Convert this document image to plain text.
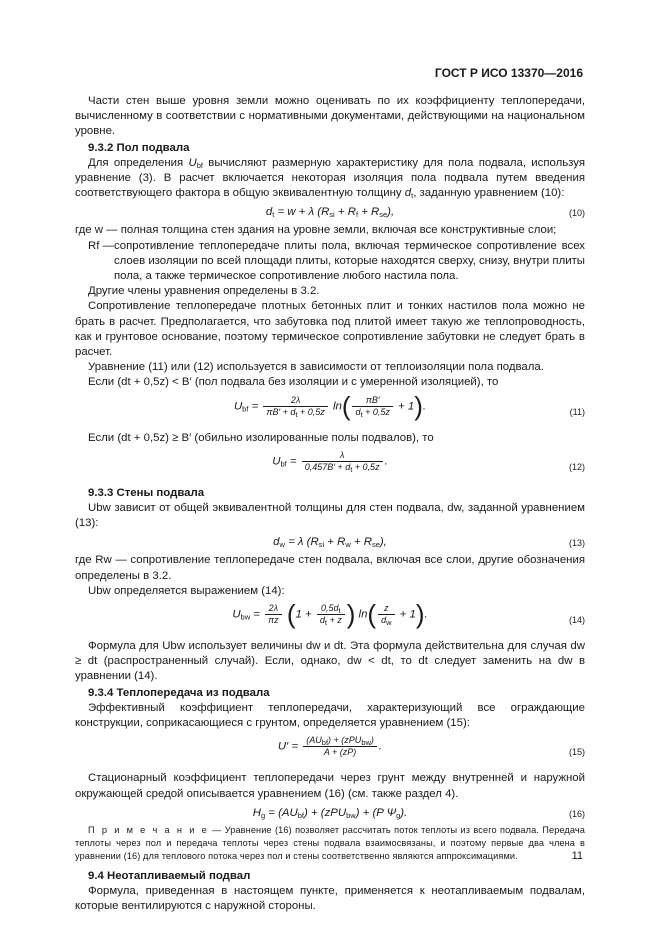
ГОСТ Р ИСО 13370—2016

Части стен выше уровня земли можно оценивать по их коэффициенту теплопередачи, вычисленному в соответствии с нормативными документами, действующими на национальном уровне.

9.3.2 Пол подвала

Для определения $U_{bf}$ вычисляют размерную характеристику для пола подвала, используя уравнение (3). В расчет включается некоторая изоляция пола подвала путем введения соответствующего фактора в общую эквивалентную толщину $d_t$, заданную уравнением (10):

$d_t = w + \lambda$ $(R_{si} + R_f + R_{se})$,	(10)

где w — полная толщина стен здания на уровне земли, включая все конструктивные слои;

Rf — сопротивление теплопередаче плиты пола, включая термическое сопротивление всех слоев изоляции по всей площади плиты, которые находятся сверху, снизу, внутри плиты пола, а также термическое сопротивление любого настила пола.

Другие члены уравнения определены в 3.2.

Сопротивление теплопередаче плотных бетонных плит и тонких настилов пола можно не брать в расчет. Предполагается, что забутовка под плитой имеет такую же теплопроводность, как и грунтовое основание, поэтому термическое сопротивление забутовки не следует брать в расчет.

Уравнение (11) или (12) используется в зависимости от теплоизоляции пола подвала.

Если (dt + 0,5z) < B′ (пол подвала без изоляции и с умеренной изоляцией), то

$U_{bf} = \frac{2\lambda}{\pi B' + d_t + 0,5z} \ln( \frac{\pi B'}{d_t + 0,5z} + 1)$.	(11)

Если (dt + 0,5z) ≥ B′ (обильно изолированные полы подвалов), то

$U_{bf} = \frac{\lambda}{0,457B' + d_t + 0,5z}$ .	(12)

9.3.3 Стены подвала

Ubw зависит от общей эквивалентной толщины для стен подвала, dw, заданной уравнением (13):

$d_w = \lambda$ $(R_{si} + R_w + R_{se})$,	(13)

где Rw — сопротивление теплопередаче стен подвала, включая все слои, другие обозначения определены в 3.2.

Ubw определяется выражением (14):

$U_{bw} = \frac{2\lambda}{\pi z} (1 + \frac{0,5d_t}{d_t + z}$ ) $\ln( \frac{z}{d_w} + 1)$.	(14)

Формула для Ubw использует величины dw и dt. Эта формула действительна для случая dw ≥ dt (распространенный случай). Если, однако, dw < dt, то dt следует заменить на dw в уравнении (14).

9.3.4 Теплопередача из подвала

Эффективный коэффициент теплопередачи, характеризующий все ограждающие конструкции, соприкасающиеся с грунтом, определяется уравнением (15):

$U' = \frac{(AU_{bf}) + (zPU_{bw})}{A + (zP)}$ .	(15)

Стационарный коэффициент теплопередачи через грунт между внутренней и наружной окружающей средой описывается уравнением (16) (см. также раздел 4).

$H_g = (AU_{bf}) + (zPU_{bw}) + (P$ $\Psi_g$).	(16)

П р и м е ч а н и е — Уравнение (16) позволяет рассчитать поток теплоты из всего подвала. Передача теплоты через пол и передача теплоты через стены подвала взаимосвязаны, и поэтому первые два члена в уравнении (16) для теплового потока через пол и стены соответственно являются аппроксимациями.

9.4 Неотапливаемый подвал

Формула, приведенная в настоящем пункте, применяется к неотапливаемым подвалам, которые вентилируются с наружной стороны.

11
